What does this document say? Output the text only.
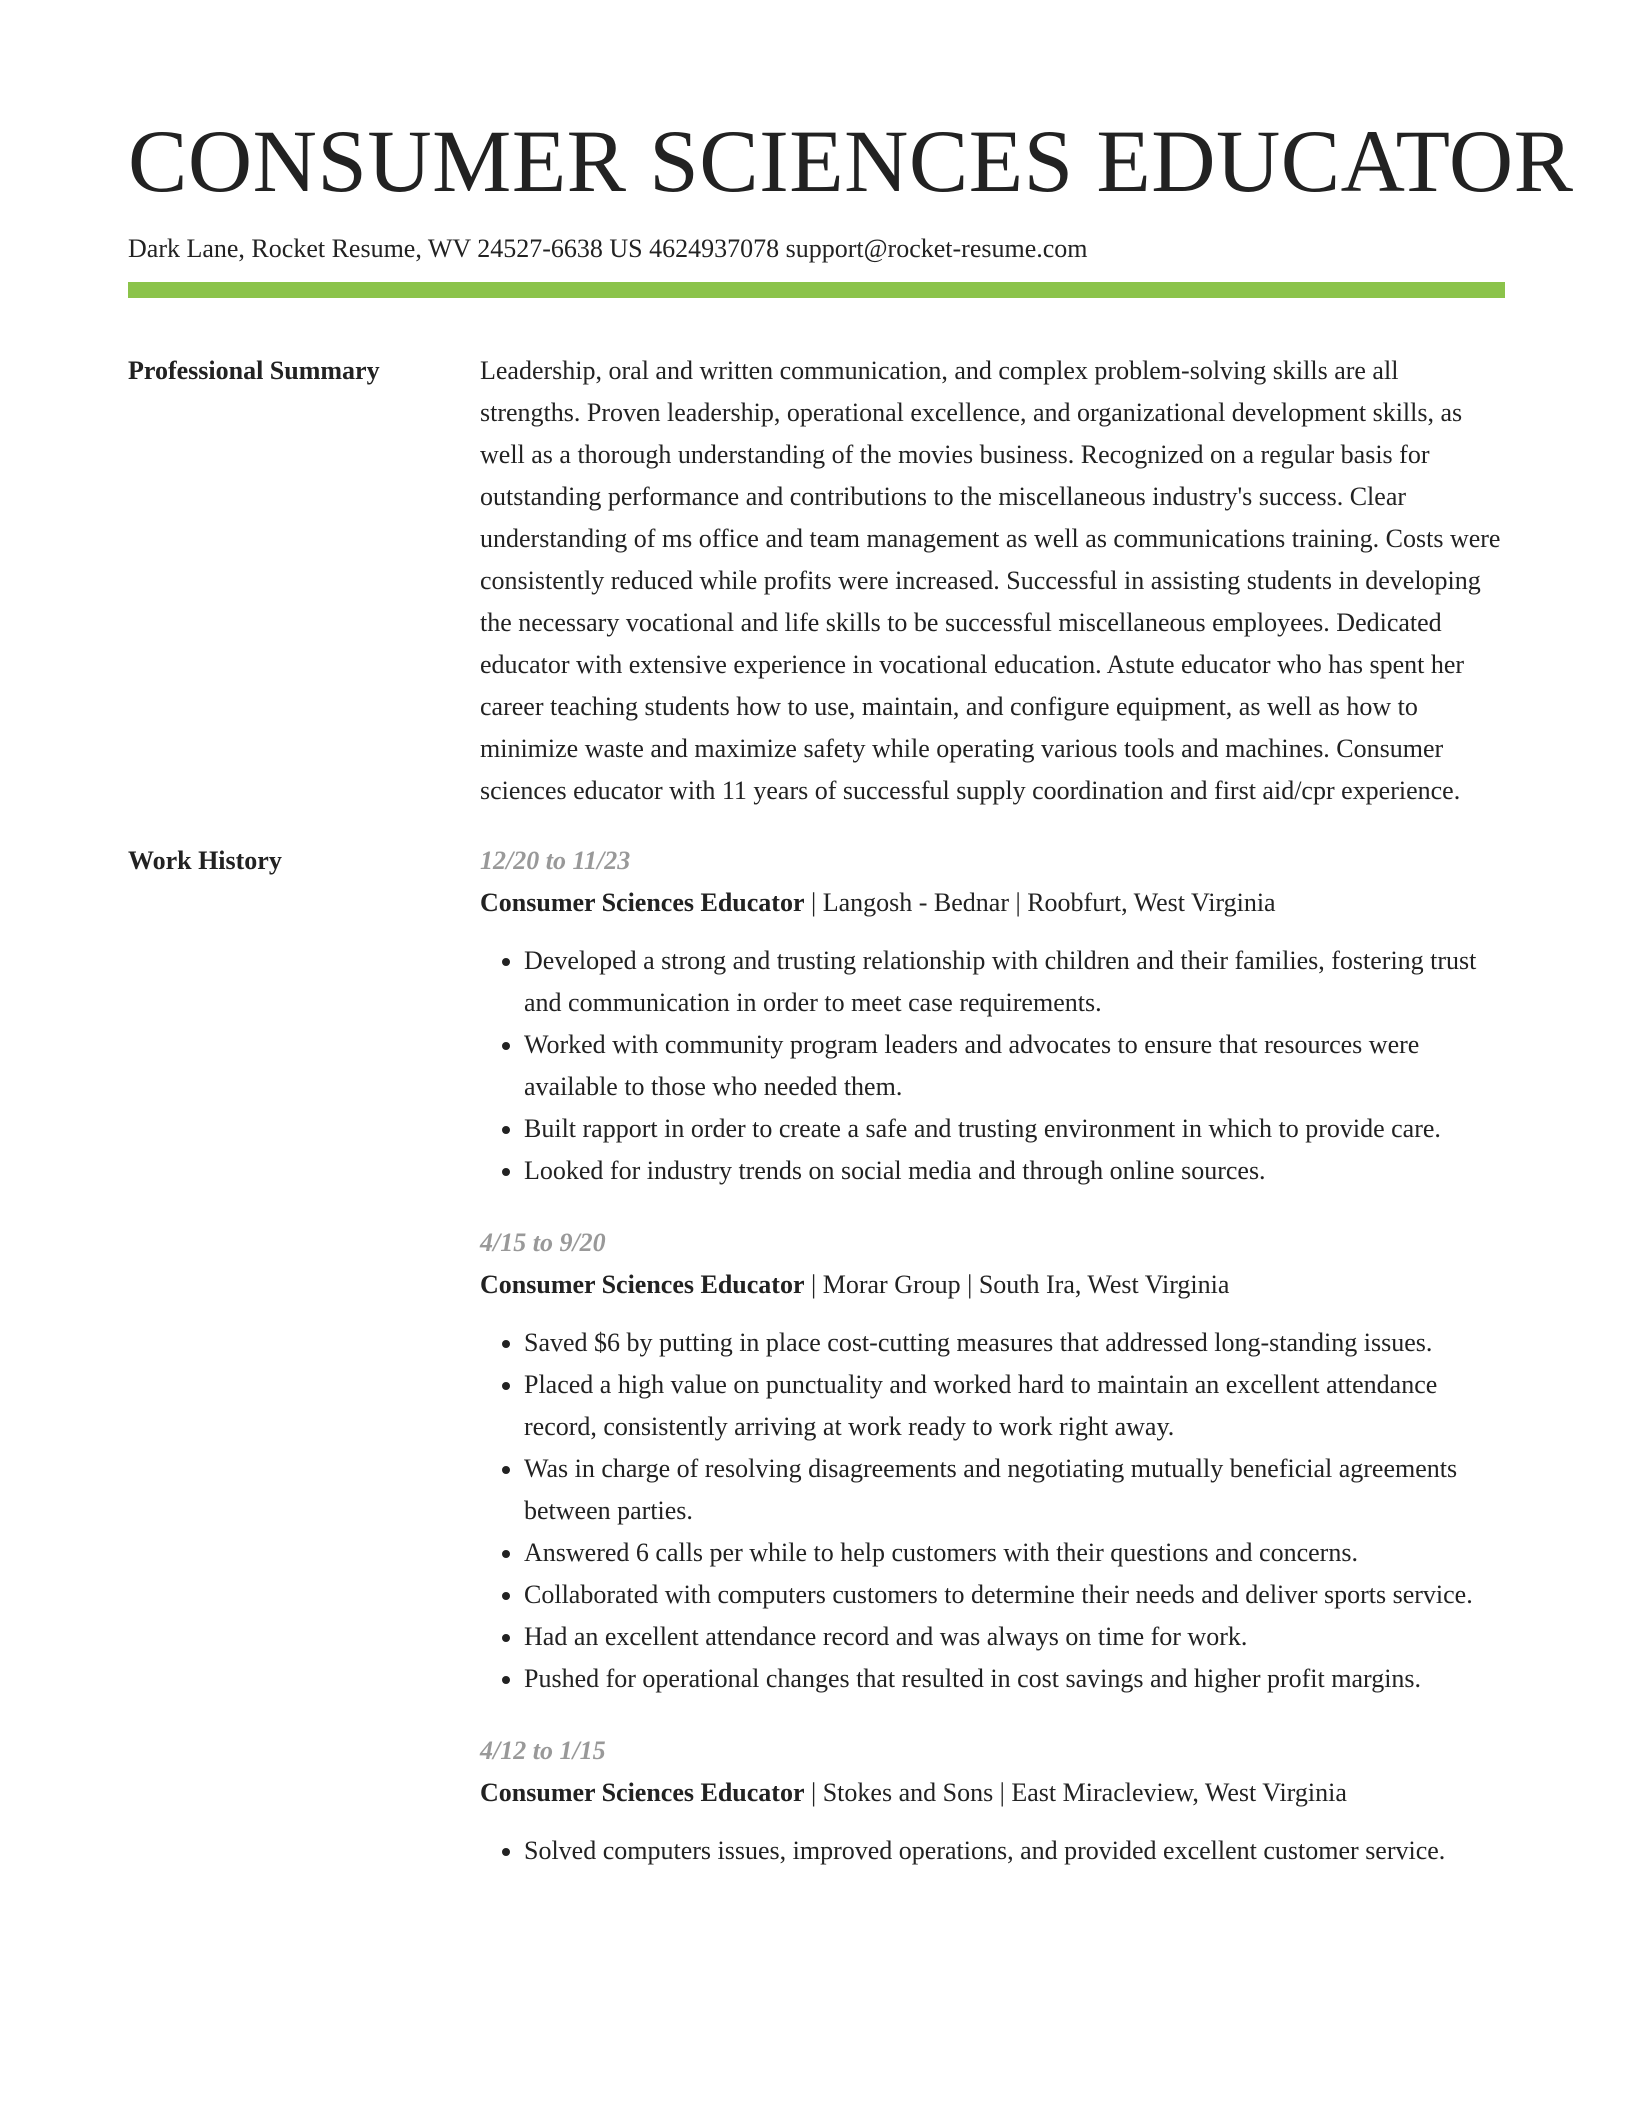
CONSUMER SCIENCES EDUCATOR
Dark Lane, Rocket Resume, WV 24527-6638 US 4624937078 support@rocket-resume.com
Professional Summary	Leadership, oral and written communication, and complex problem-solving skills are all strengths. Proven leadership, operational excellence, and organizational development skills, as well as a thorough understanding of the movies business. Recognized on a regular basis for outstanding performance and contributions to the miscellaneous industry's success. Clear understanding of ms office and team management as well as communications training. Costs were consistently reduced while profits were increased. Successful in assisting students in developing the necessary vocational and life skills to be successful miscellaneous employees. Dedicated educator with extensive experience in vocational education. Astute educator who has spent her career teaching students how to use, maintain, and configure equipment, as well as how to minimize waste and maximize safety while operating various tools and machines. Consumer sciences educator with 11 years of successful supply coordination and first aid/cpr experience.

Work History	12/20 to 11/23
Consumer Sciences Educator | Langosh - Bednar | Roobfurt, West Virginia
• Developed a strong and trusting relationship with children and their families, fostering trust and communication in order to meet case requirements.
• Worked with community program leaders and advocates to ensure that resources were available to those who needed them.
• Built rapport in order to create a safe and trusting environment in which to provide care.
• Looked for industry trends on social media and through online sources.
4/15 to 9/20
Consumer Sciences Educator | Morar Group | South Ira, West Virginia
• Saved $6 by putting in place cost-cutting measures that addressed long-standing issues.
• Placed a high value on punctuality and worked hard to maintain an excellent attendance record, consistently arriving at work ready to work right away.
• Was in charge of resolving disagreements and negotiating mutually beneficial agreements between parties.
• Answered 6 calls per while to help customers with their questions and concerns.
• Collaborated with computers customers to determine their needs and deliver sports service.
• Had an excellent attendance record and was always on time for work.
• Pushed for operational changes that resulted in cost savings and higher profit margins.
4/12 to 1/15
Consumer Sciences Educator | Stokes and Sons | East Miracleview, West Virginia
• Solved computers issues, improved operations, and provided excellent customer service.
